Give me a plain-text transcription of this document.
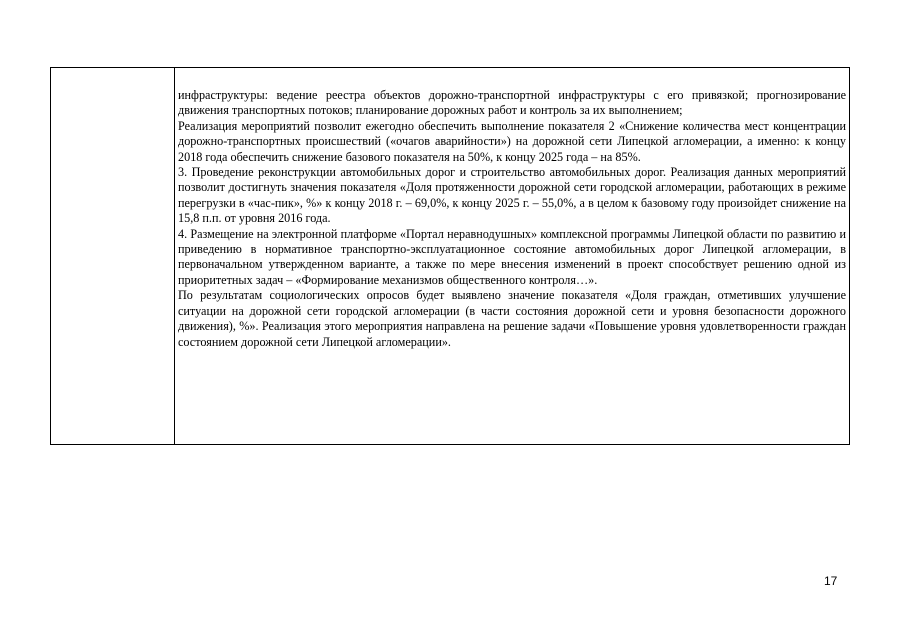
инфраструктуры: ведение реестра объектов дорожно-транспортной инфраструктуры с его привязкой; прогнозирование движения транспортных потоков; планирование дорожных работ и контроль за их выполнением;

Реализация мероприятий позволит ежегодно обеспечить выполнение показателя 2 «Снижение количества мест концентрации дорожно-транспортных происшествий («очагов аварийности») на дорожной сети Липецкой агломерации, а именно: к концу 2018 года обеспечить снижение базового показателя на 50%, к концу 2025 года – на 85%.

3. Проведение реконструкции автомобильных дорог и строительство автомобильных дорог. Реализация данных мероприятий позволит достигнуть значения показателя «Доля протяженности дорожной сети городской агломерации, работающих в режиме перегрузки в «час-пик», %» к концу 2018 г. – 69,0%, к концу 2025 г. – 55,0%, а в целом к базовому году произойдет снижение на 15,8 п.п. от уровня 2016 года.

4. Размещение на электронной платформе «Портал неравнодушных» комплексной программы Липецкой области по развитию и приведению в нормативное транспортно-эксплуатационное состояние автомобильных дорог Липецкой агломерации, в первоначальном утвержденном варианте, а также по мере внесения изменений в проект способствует решению одной из приоритетных задач – «Формирование механизмов общественного контроля…».

По результатам социологических опросов будет выявлено значение показателя «Доля граждан, отметивших улучшение ситуации на дорожной сети городской агломерации (в части состояния дорожной сети и уровня безопасности дорожного движения), %». Реализация этого мероприятия направлена на решение задачи «Повышение уровня удовлетворенности граждан состоянием дорожной сети Липецкой агломерации».

17
